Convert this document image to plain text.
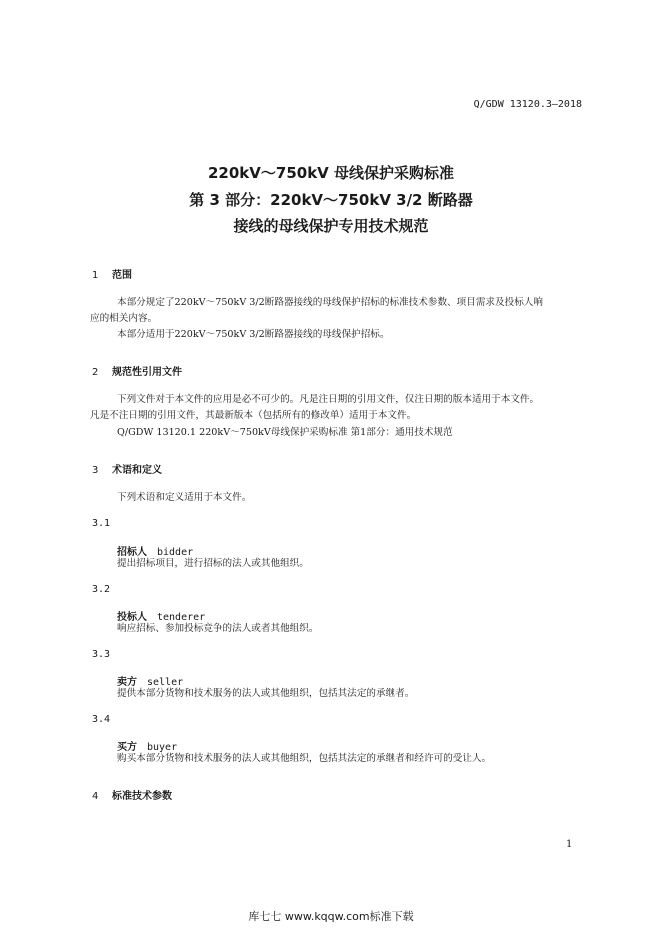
Q/GDW 13120.3—2018
220kV～750kV 母线保护采购标准
第 3 部分：220kV～750kV 3/2 断路器
接线的母线保护专用技术规范
1 范围
本部分规定了220kV～750kV 3/2断路器接线的母线保护招标的标准技术参数、项目需求及投标人响
应的相关内容。
本部分适用于220kV～750kV 3/2断路器接线的母线保护招标。
2 规范性引用文件
下列文件对于本文件的应用是必不可少的。凡是注日期的引用文件，仅注日期的版本适用于本文件。
凡是不注日期的引用文件，其最新版本（包括所有的修改单）适用于本文件。
Q/GDW 13120.1 220kV～750kV母线保护采购标准 第1部分：通用技术规范
3 术语和定义
下列术语和定义适用于本文件。
3.1
招标人 bidder
提出招标项目，进行招标的法人或其他组织。
3.2
投标人 tenderer
响应招标、参加投标竞争的法人或者其他组织。
3.3
卖方 seller
提供本部分货物和技术服务的法人或其他组织，包括其法定的承继者。
3.4
买方 buyer
购买本部分货物和技术服务的法人或其他组织，包括其法定的承继者和经许可的受让人。
4 标准技术参数
1
库七七 www.kqqw.com标准下载
